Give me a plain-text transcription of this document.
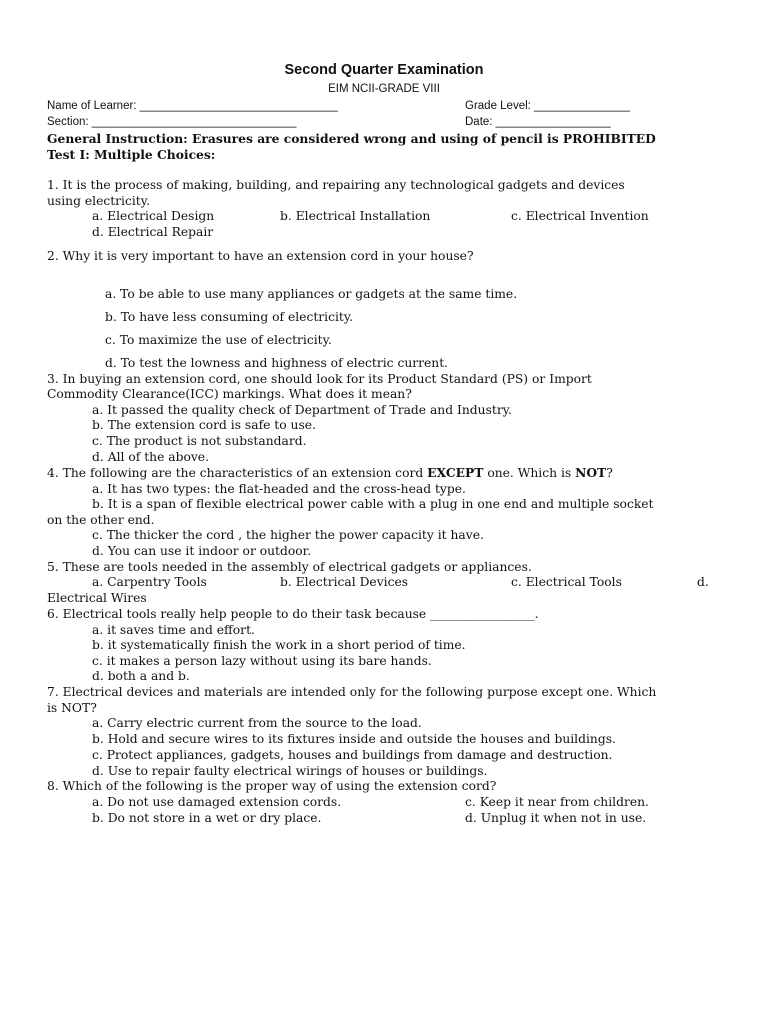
Second Quarter Examination
EIM NCII-GRADE VIII
Name of Learner: _______________________________	Grade Level: _______________
Section: ________________________________	Date: __________________
General Instruction: Erasures are considered wrong and using of pencil is PROHIBITED
Test I: Multiple Choices:
1. It is the process of making, building, and repairing any technological gadgets and devices
using electricity.
a. Electrical Design	b. Electrical Installation	c. Electrical Invention
d. Electrical Repair
2. Why it is very important to have an extension cord in your house?
a. To be able to use many appliances or gadgets at the same time.
b. To have less consuming of electricity.
c. To maximize the use of electricity.
d. To test the lowness and highness of electric current.
3. In buying an extension cord, one should look for its Product Standard (PS) or Import
Commodity Clearance(ICC) markings. What does it mean?
a. It passed the quality check of Department of Trade and Industry.
b. The extension cord is safe to use.
c. The product is not substandard.
d. All of the above.
4. The following are the characteristics of an extension cord EXCEPT one. Which is NOT?
a. It has two types: the flat-headed and the cross-head type.
b. It is a span of flexible electrical power cable with a plug in one end and multiple socket
on the other end.
c. The thicker the cord , the higher the power capacity it have.
d. You can use it indoor or outdoor.
5. These are tools needed in the assembly of electrical gadgets or appliances.
a. Carpentry Tools	b. Electrical Devices	c. Electrical Tools	d.
Electrical Wires
6. Electrical tools really help people to do their task because _________________.
a. it saves time and effort.
b. it systematically finish the work in a short period of time.
c. it makes a person lazy without using its bare hands.
d. both a and b.
7. Electrical devices and materials are intended only for the following purpose except one. Which
is NOT?
a. Carry electric current from the source to the load.
b. Hold and secure wires to its fixtures inside and outside the houses and buildings.
c. Protect appliances, gadgets, houses and buildings from damage and destruction.
d. Use to repair faulty electrical wirings of houses or buildings.
8. Which of the following is the proper way of using the extension cord?
a. Do not use damaged extension cords.	c. Keep it near from children.
b. Do not store in a wet or dry place.	d. Unplug it when not in use.
